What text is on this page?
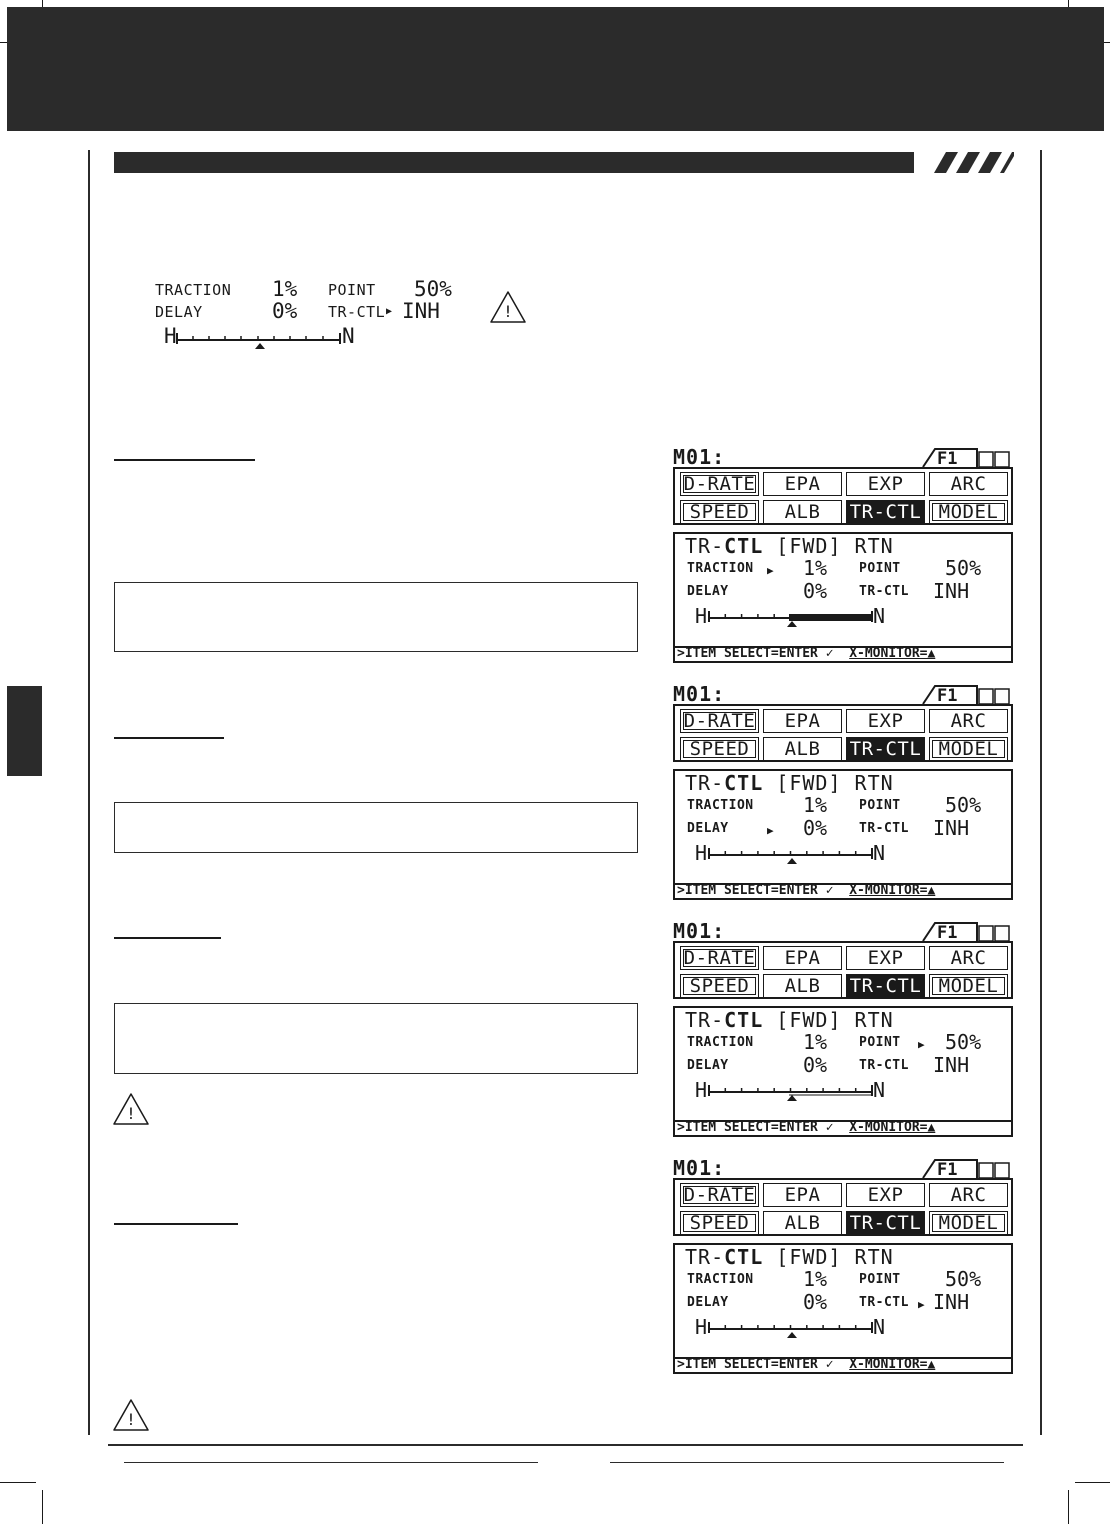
TRACTION 1% POINT 50%
DELAY	0% TR-CTL ▶ INH
H	N
!
!
!
M01:	F1
D-RATE	EPA	EXP	ARC
SPEED	ALB	TR-CTL MODEL
TR-CTL [FWD] RTN
TRACTION 1% POINT 50%
DELAY	0% TR-CTL INH
H	N
▶
>ITEM SELECT=ENTER ✓ X-MONITOR=▲
M01:	F1
D-RATE	EPA	EXP	ARC
SPEED	ALB	TR-CTL MODEL
TR-CTL [FWD] RTN
TRACTION 1% POINT 50%
DELAY	0% TR-CTL INH
H	N
▶
>ITEM SELECT=ENTER ✓ X-MONITOR=▲
M01:	F1
D-RATE	EPA	EXP	ARC
SPEED	ALB	TR-CTL MODEL
TR-CTL [FWD] RTN
TRACTION 1% POINT 50%
DELAY	0% TR-CTL INH
H	N
▶
>ITEM SELECT=ENTER ✓ X-MONITOR=▲
M01:	F1
D-RATE	EPA	EXP	ARC
SPEED	ALB	TR-CTL MODEL
TR-CTL [FWD] RTN
TRACTION 1% POINT 50%
DELAY	0% TR-CTL INH
H	N
▶
>ITEM SELECT=ENTER ✓ X-MONITOR=▲
